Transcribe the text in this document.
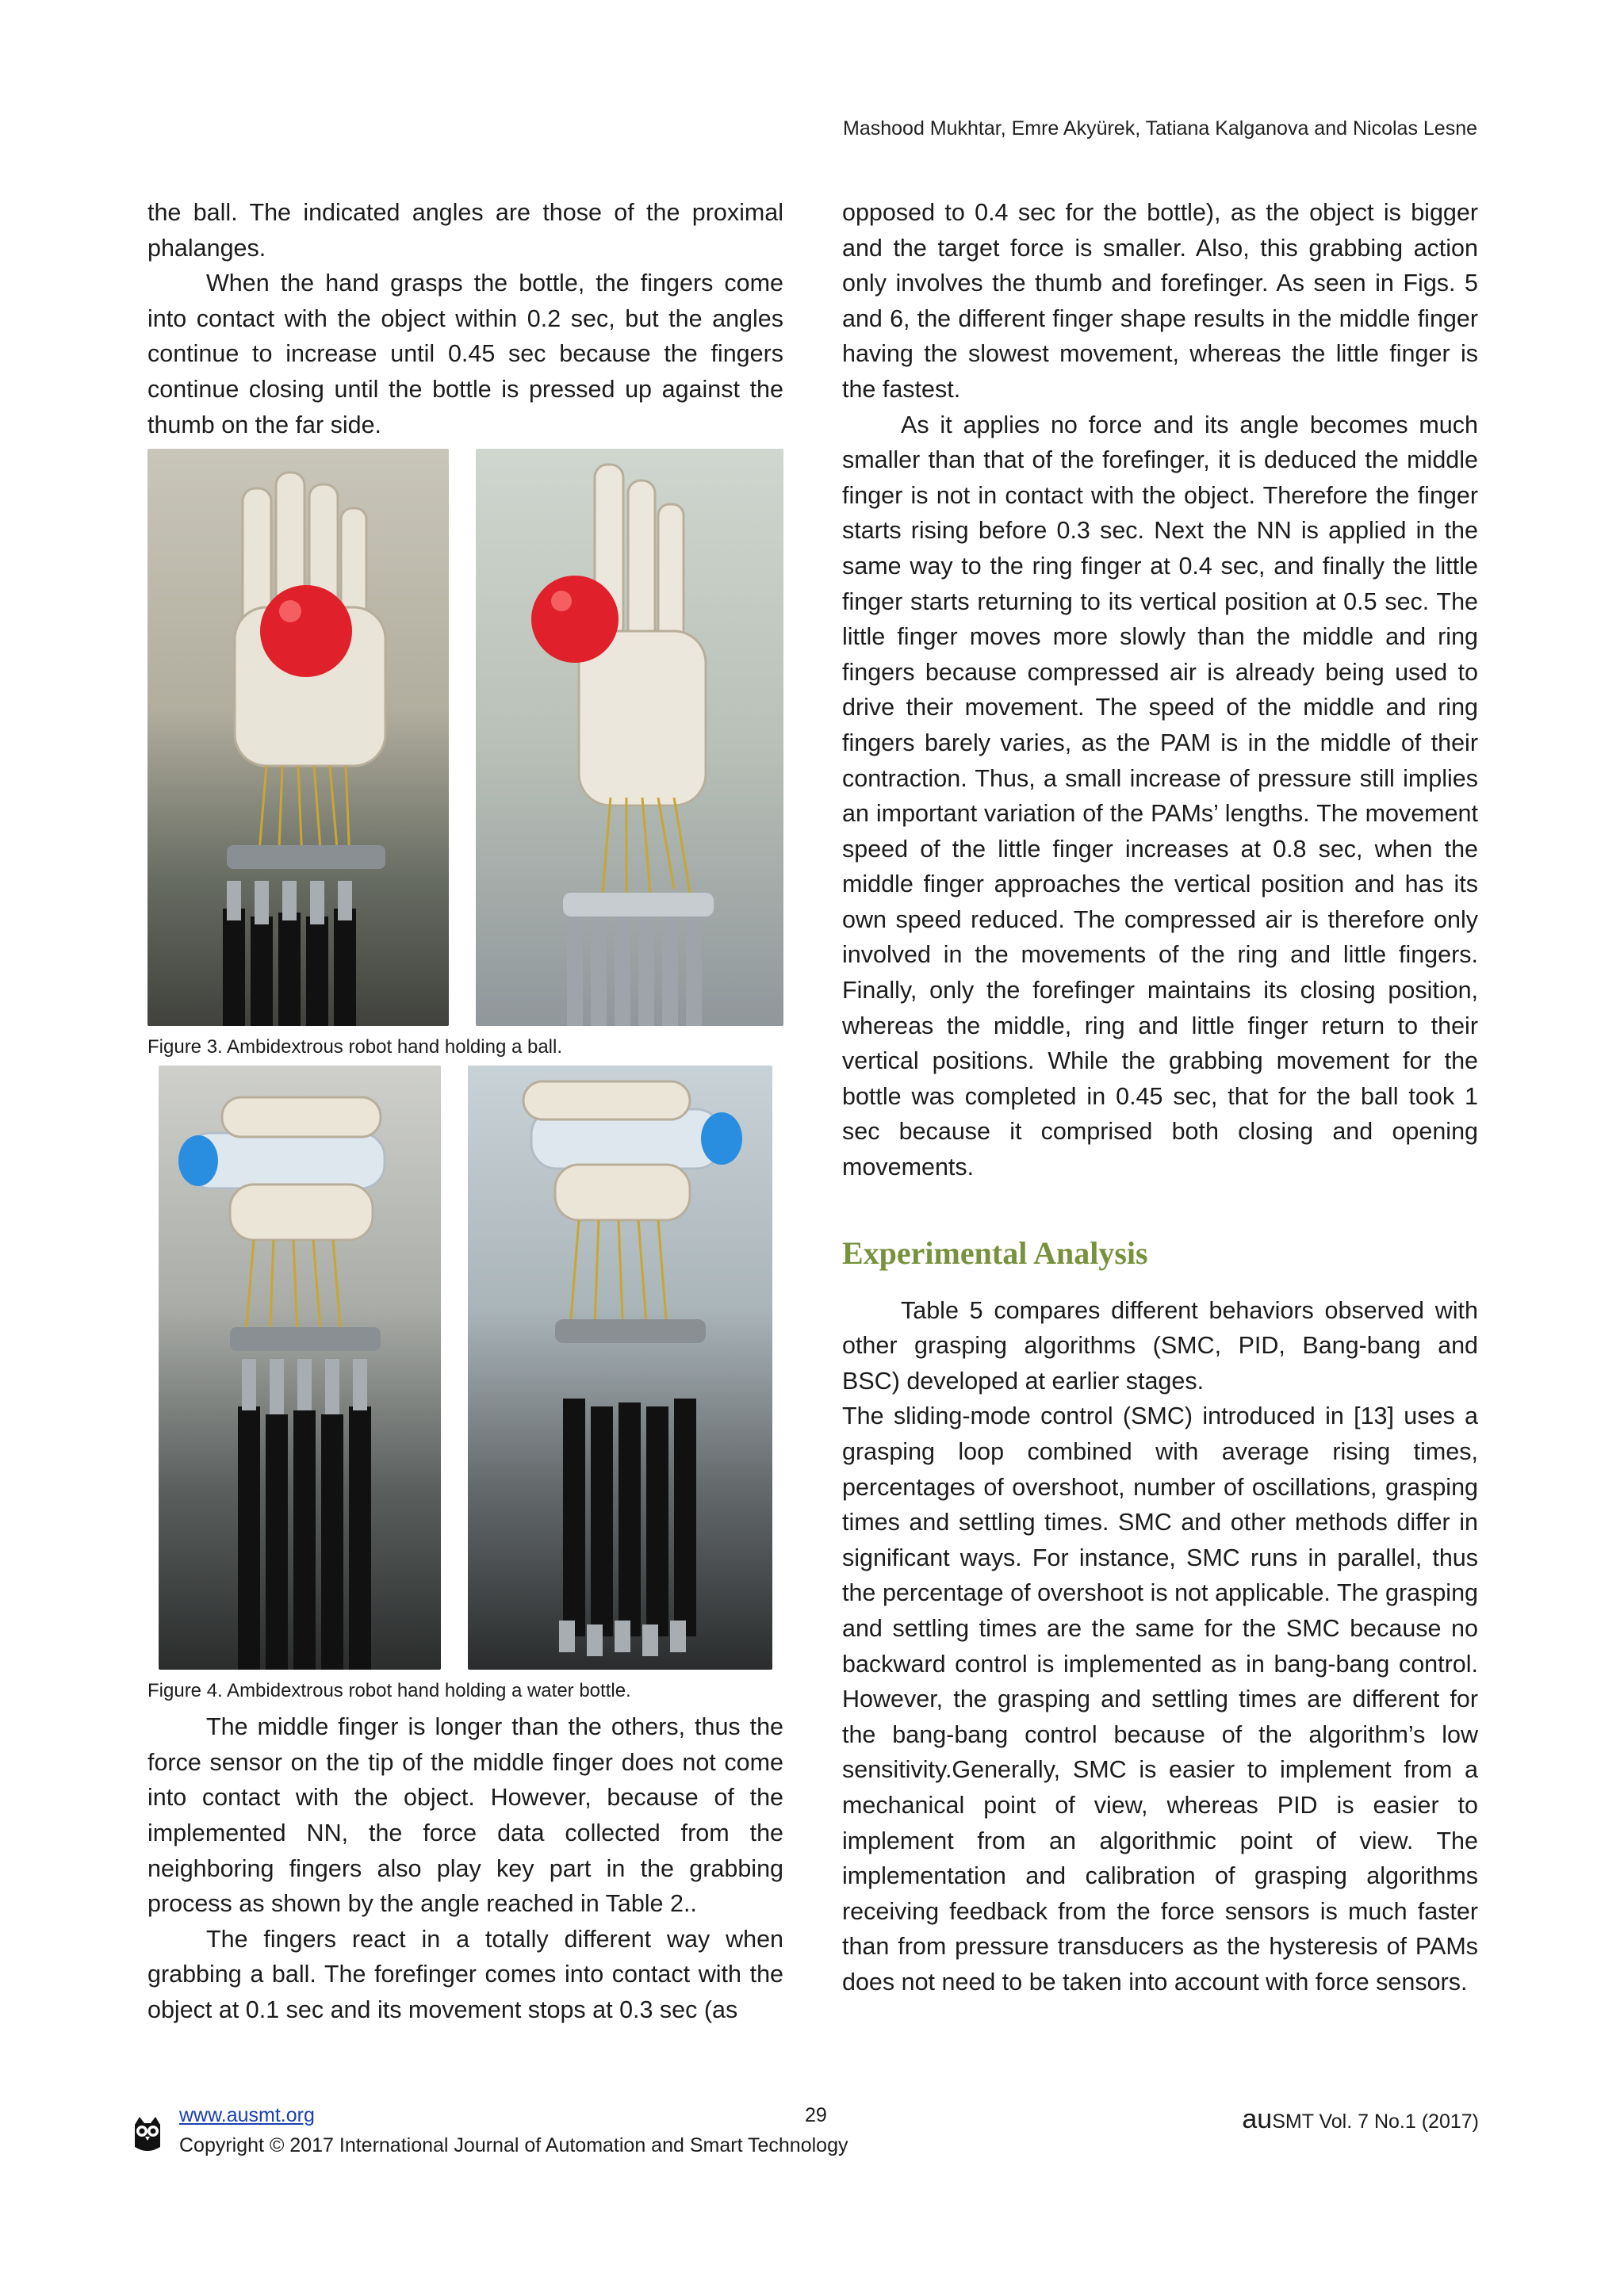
Mashood Mukhtar, Emre Akyürek, Tatiana Kalganova and Nicolas Lesne

the ball. The indicated angles are those of the proximal phalanges.

When the hand grasps the bottle, the fingers come into contact with the object within 0.2 sec, but the angles continue to increase until 0.45 sec because the fingers continue closing until the bottle is pressed up against the thumb on the far side.

Figure 3. Ambidextrous robot hand holding a ball.
Figure 4. Ambidextrous robot hand holding a water bottle.

The middle finger is longer than the others, thus the force sensor on the tip of the middle finger does not come into contact with the object. However, because of the implemented NN, the force data collected from the neighboring fingers also play key part in the grabbing process as shown by the angle reached in Table 2..

The fingers react in a totally different way when grabbing a ball. The forefinger comes into contact with the object at 0.1 sec and its movement stops at 0.3 sec (as

opposed to 0.4 sec for the bottle), as the object is bigger and the target force is smaller. Also, this grabbing action only involves the thumb and forefinger. As seen in Figs. 5 and 6, the different finger shape results in the middle finger having the slowest movement, whereas the little finger is the fastest.

As it applies no force and its angle becomes much smaller than that of the forefinger, it is deduced the middle finger is not in contact with the object. Therefore the finger starts rising before 0.3 sec. Next the NN is applied in the same way to the ring finger at 0.4 sec, and finally the little finger starts returning to its vertical position at 0.5 sec. The little finger moves more slowly than the middle and ring fingers because compressed air is already being used to drive their movement. The speed of the middle and ring fingers barely varies, as the PAM is in the middle of their contraction. Thus, a small increase of pressure still implies an important variation of the PAMs’ lengths. The movement speed of the little finger increases at 0.8 sec, when the middle finger approaches the vertical position and has its own speed reduced. The compressed air is therefore only involved in the movements of the ring and little fingers. Finally, only the forefinger maintains its closing position, whereas the middle, ring and little finger return to their vertical positions. While the grabbing movement for the bottle was completed in 0.45 sec, that for the ball took 1 sec because it comprised both closing and opening movements.

Experimental Analysis

Table 5 compares different behaviors observed with other grasping algorithms (SMC, PID, Bang-bang and BSC) developed at earlier stages.

The sliding-mode control (SMC) introduced in [13] uses a grasping loop combined with average rising times, percentages of overshoot, number of oscillations, grasping times and settling times. SMC and other methods differ in significant ways. For instance, SMC runs in parallel, thus the percentage of overshoot is not applicable. The grasping and settling times are the same for the SMC because no backward control is implemented as in bang-bang control. However, the grasping and settling times are different for the bang-bang control because of the algorithm’s low sensitivity.Generally, SMC is easier to implement from a mechanical point of view, whereas PID is easier to implement from an algorithmic point of view. The implementation and calibration of grasping algorithms receiving feedback from the force sensors is much faster than from pressure transducers as the hysteresis of PAMs does not need to be taken into account with force sensors.

www.ausmt.org
Copyright © 2017 International Journal of Automation and Smart Technology
29	auSMT Vol. 7 No.1 (2017)
